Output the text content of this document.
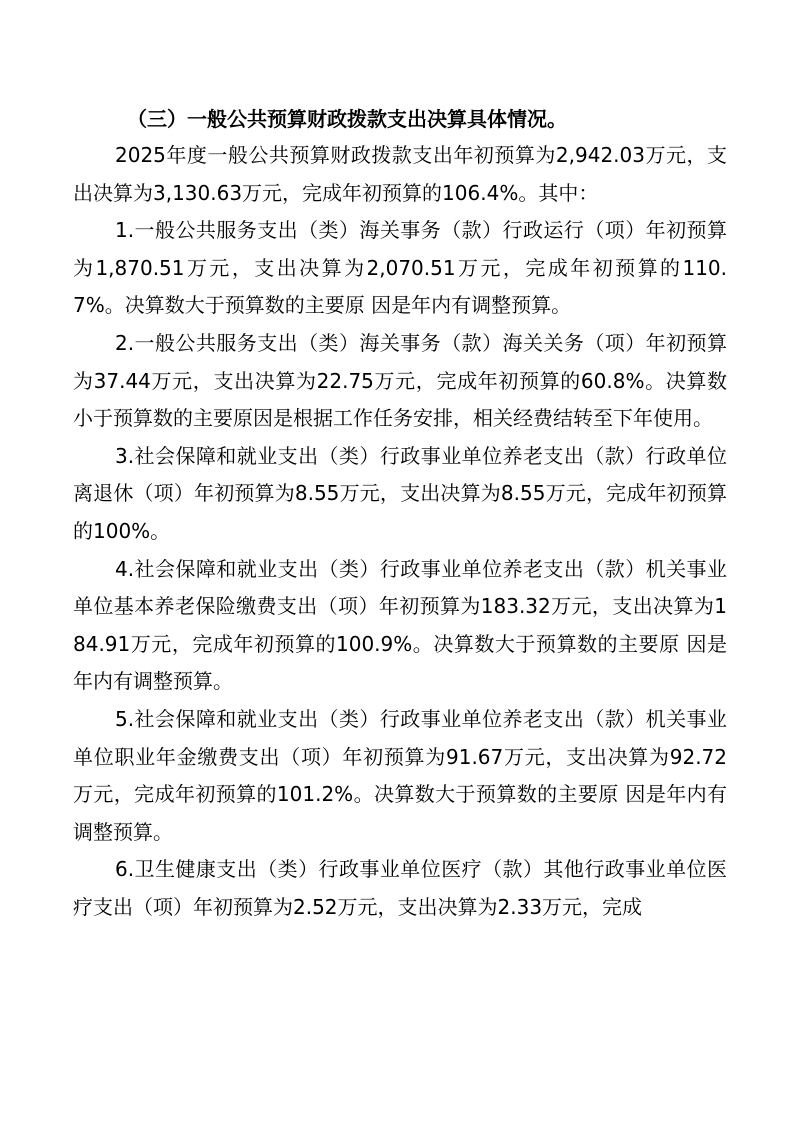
（三）一般公共预算财政拨款支出决算具体情况。

2025年度一般公共预算财政拨款支出年初预算为2,942.03万元，支出决算为3,130.63万元，完成年初预算的106.4%。其中：

1.一般公共服务支出（类）海关事务（款）行政运行（项）年初预算为1,870.51万元，支出决算为2,070.51万元，完成年初预算的110.7%。决算数大于预算数的主要原 因是年内有调整预算。

2.一般公共服务支出（类）海关事务（款）海关关务（项）年初预算为37.44万元，支出决算为22.75万元，完成年初预算的60.8%。决算数小于预算数的主要原因是根据工作任务安排，相关经费结转至下年使用。

3.社会保障和就业支出（类）行政事业单位养老支出（款）行政单位离退休（项）年初预算为8.55万元，支出决算为8.55万元，完成年初预算的100%。

4.社会保障和就业支出（类）行政事业单位养老支出（款）机关事业单位基本养老保险缴费支出（项）年初预算为183.32万元，支出决算为184.91万元，完成年初预算的100.9%。决算数大于预算数的主要原 因是年内有调整预算。

5.社会保障和就业支出（类）行政事业单位养老支出（款）机关事业单位职业年金缴费支出（项）年初预算为91.67万元，支出决算为92.72万元，完成年初预算的101.2%。决算数大于预算数的主要原 因是年内有调整预算。

6.卫生健康支出（类）行政事业单位医疗（款）其他行政事业单位医疗支出（项）年初预算为2.52万元，支出决算为2.33万元，完成
